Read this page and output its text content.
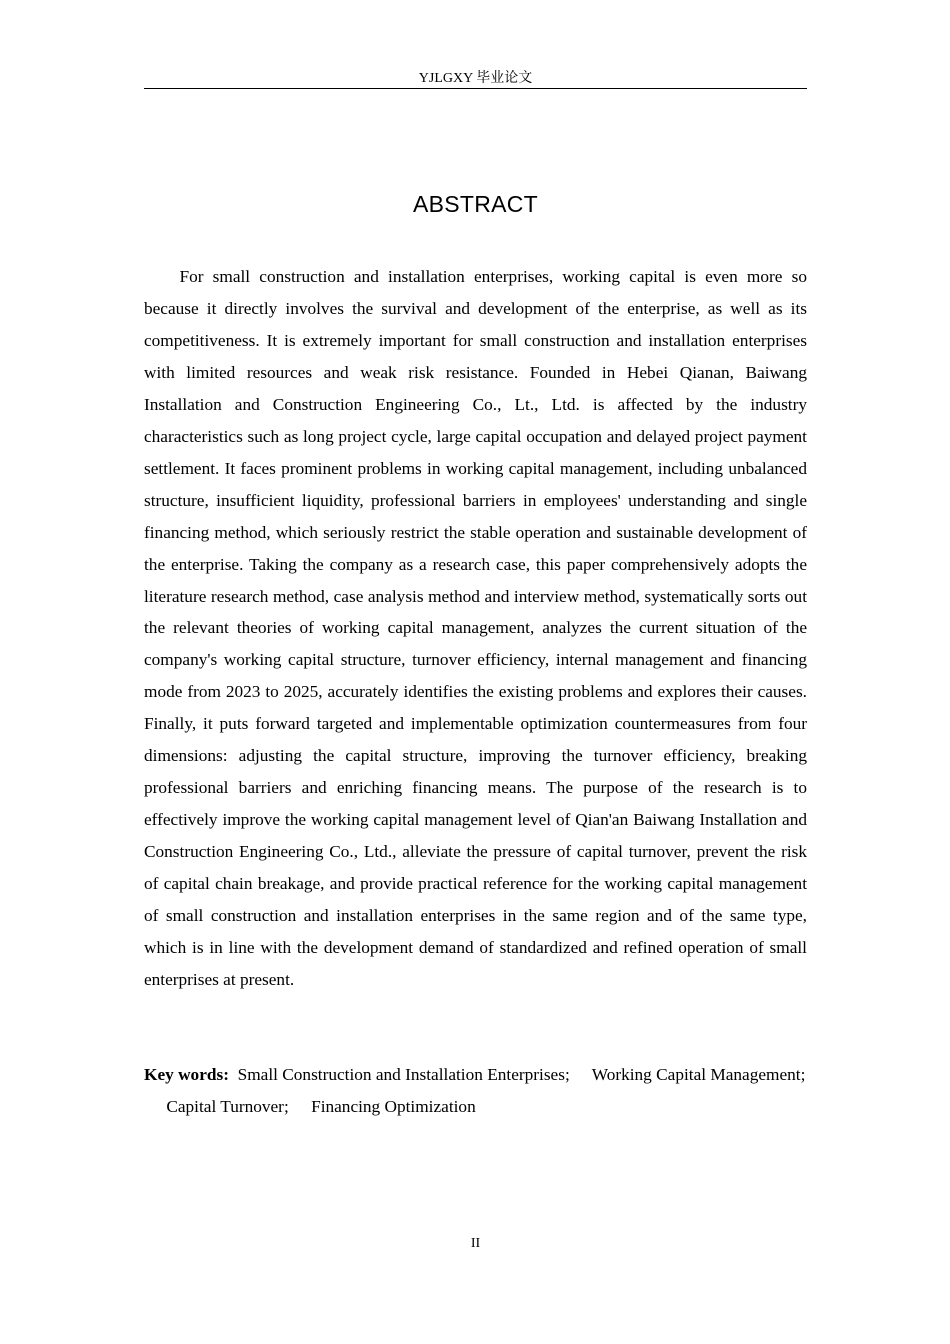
YJLGXY 毕业论文
ABSTRACT

For small construction and installation enterprises, working capital is even more so because it directly involves the survival and development of the enterprise, as well as its competitiveness. It is extremely important for small construction and installation enterprises with limited resources and weak risk resistance. Founded in Hebei Qianan, Baiwang Installation and Construction Engineering Co., Lt., Ltd. is affected by the industry characteristics such as long project cycle, large capital occupation and delayed project payment settlement. It faces prominent problems in working capital management, including unbalanced structure, insufficient liquidity, professional barriers in employees' understanding and single financing method, which seriously restrict the stable operation and sustainable development of the enterprise. Taking the company as a research case, this paper comprehensively adopts the literature research method, case analysis method and interview method, systematically sorts out the relevant theories of working capital management, analyzes the current situation of the company's working capital structure, turnover efficiency, internal management and financing mode from 2023 to 2025, accurately identifies the existing problems and explores their causes. Finally, it puts forward targeted and implementable optimization countermeasures from four dimensions: adjusting the capital structure, improving the turnover efficiency, breaking professional barriers and enriching financing means. The purpose of the research is to effectively improve the working capital management level of Qian'an Baiwang Installation and Construction Engineering Co., Ltd., alleviate the pressure of capital turnover, prevent the risk of capital chain breakage, and provide practical reference for the working capital management of small construction and installation enterprises in the same region and of the same type, which is in line with the development demand of standardized and refined operation of small enterprises at present.

Key words: Small Construction and Installation Enterprises; Working Capital Management; Capital Turnover; Financing Optimization

II
